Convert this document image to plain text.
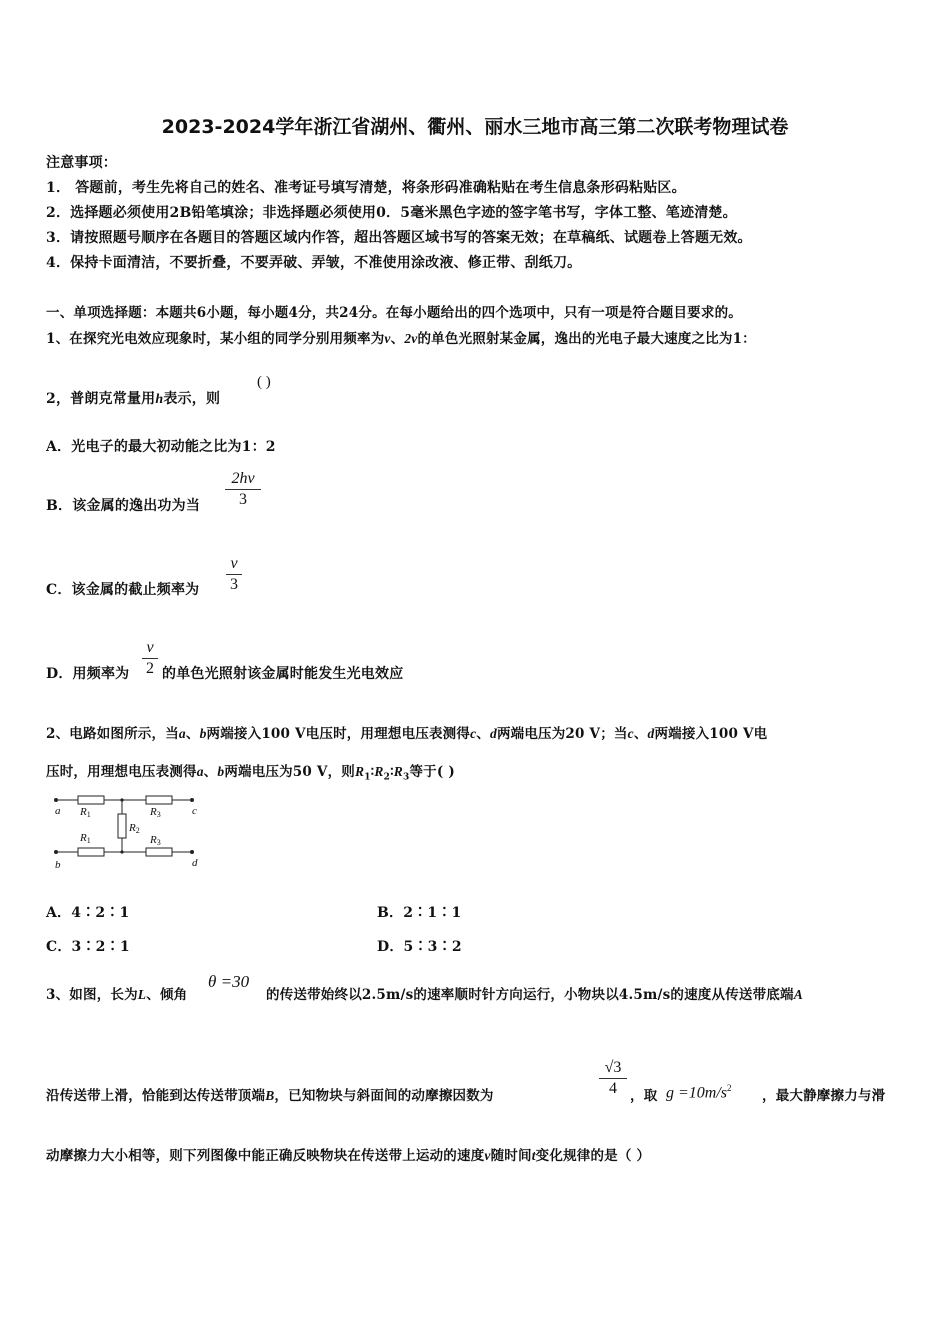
2023-2024学年浙江省湖州、衢州、丽水三地市高三第二次联考物理试卷
注意事项：
1． 答题前，考生先将自己的姓名、准考证号填写清楚，将条形码准确粘贴在考生信息条形码粘贴区。
2．选择题必须使用2B铅笔填涂；非选择题必须使用0．5毫米黑色字迹的签字笔书写，字体工整、笔迹清楚。
3．请按照题号顺序在各题目的答题区域内作答，超出答题区域书写的答案无效；在草稿纸、试题卷上答题无效。
4．保持卡面清洁，不要折叠，不要弄破、弄皱，不准使用涂改液、修正带、刮纸刀。
一、单项选择题：本题共6小题，每小题4分，共24分。在每小题给出的四个选项中，只有一项是符合题目要求的。
1、在探究光电效应现象时，某小组的同学分别用频率为ν、2ν的单色光照射某金属，逸出的光电子最大速度之比为1：
2，普朗克常量用h表示，则
( )
A．光电子的最大初动能之比为1：2
B．该金属的逸出功为当
2hν
3
C．该金属的截止频率为
ν
3
D．用频率为
ν
2 的单色光照射该金属时能发生光电效应
2、电路如图所示，当a、b两端接入100 V电压时，用理想电压表测得c、d两端电压为20 V；当c、d两端接入100 V电
压时，用理想电压表测得a、b两端电压为50 V，则$R_1∶R_2∶R_3$等于( )
a
b
c
d
R1	R3
R1	R3
R2
A．4∶2∶1	B．2∶1∶1
C．3∶2∶1	D．5∶3∶2
3、如图，长为L、倾角
θ =30
的传送带始终以2.5m/s的速率顺时针方向运行，小物块以4.5m/s的速度从传送带底端A
沿传送带上滑，恰能到达传送带顶端B，已知物块与斜面间的动摩擦因数为
√3
4 ，取 $g =10m/s^2$ ，最大静摩擦力与滑
动摩擦力大小相等，则下列图像中能正确反映物块在传送带上运动的速度v随时间t变化规律的是（ ）
